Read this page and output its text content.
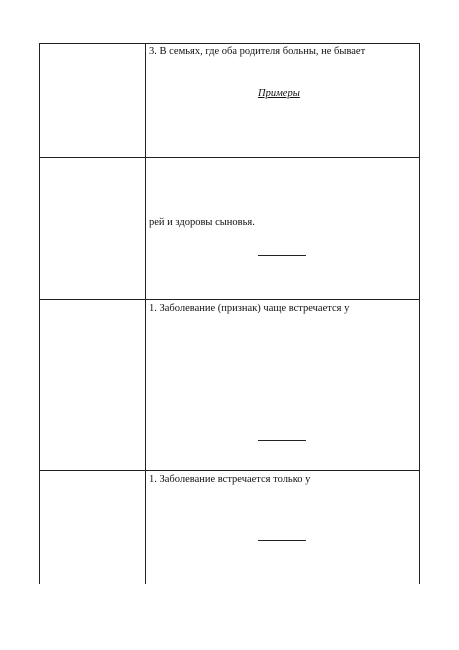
3. В семьях, где оба родителя больны, не бывает
Примеры
рей и здоровы сыновья.
1. Заболевание (признак) чаще встречается у
1. Заболевание встречается только у
